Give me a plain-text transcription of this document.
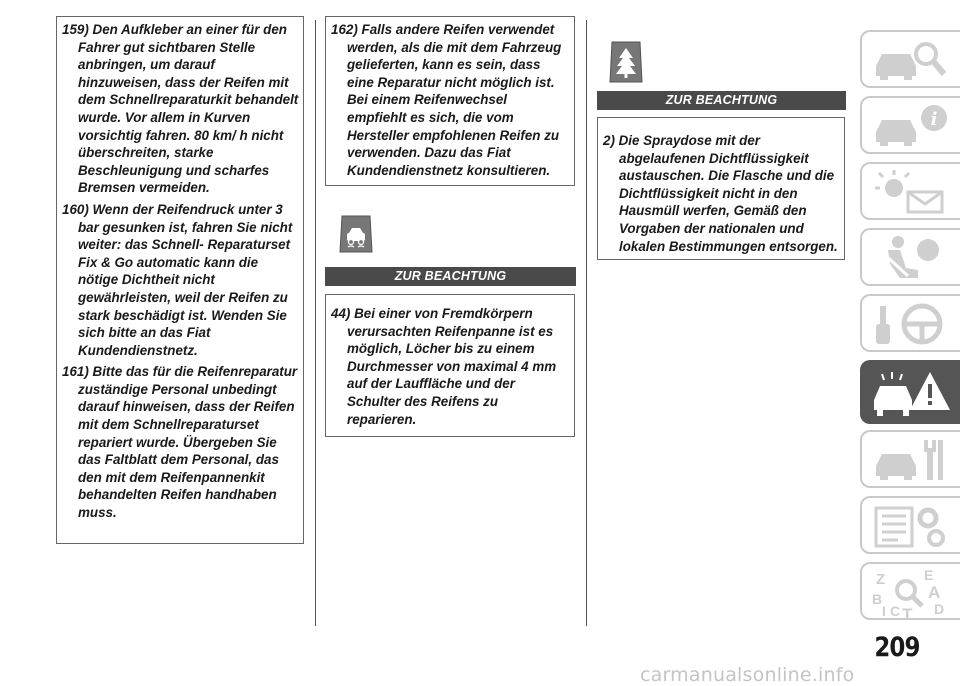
159) Den Aufkleber an einer für den Fahrer gut sichtbaren Stelle anbringen, um darauf hinzuweisen, dass der Reifen mit dem Schnellreparaturkit behandelt wurde. Vor allem in Kurven vorsichtig fahren. 80 km/ h nicht überschreiten, starke Beschleunigung und scharfes Bremsen vermeiden.
160) Wenn der Reifendruck unter 3 bar gesunken ist, fahren Sie nicht weiter: das Schnell- Reparaturset Fix & Go automatic kann die nötige Dichtheit nicht gewährleisten, weil der Reifen zu stark beschädigt ist. Wenden Sie sich bitte an das Fiat Kundendienstnetz.
161) Bitte das für die Reifenreparatur zuständige Personal unbedingt darauf hinweisen, dass der Reifen mit dem Schnellreparaturset repariert wurde. Übergeben Sie das Faltblatt dem Personal, das den mit dem Reifenpannenkit behandelten Reifen handhaben muss.
162) Falls andere Reifen verwendet werden, als die mit dem Fahrzeug gelieferten, kann es sein, dass eine Reparatur nicht möglich ist. Bei einem Reifenwechsel empfiehlt es sich, die vom Hersteller empfohlenen Reifen zu verwenden. Dazu das Fiat Kundendienstnetz konsultieren.
ZUR BEACHTUNG
44) Bei einer von Fremdkörpern verursachten Reifenpanne ist es möglich, Löcher bis zu einem Durchmesser von maximal 4 mm auf der Lauffläche und der Schulter des Reifens zu reparieren.
ZUR BEACHTUNG
2) Die Spraydose mit der abgelaufenen Dichtflüssigkeit austauschen. Die Flasche und die Dichtflüssigkeit nicht in den Hausmüll werfen, Gemäß den Vorgaben der nationalen und lokalen Bestimmungen entsorgen.
i
Z	E
A
B
C T D
I
209
carmanualsonline.info
